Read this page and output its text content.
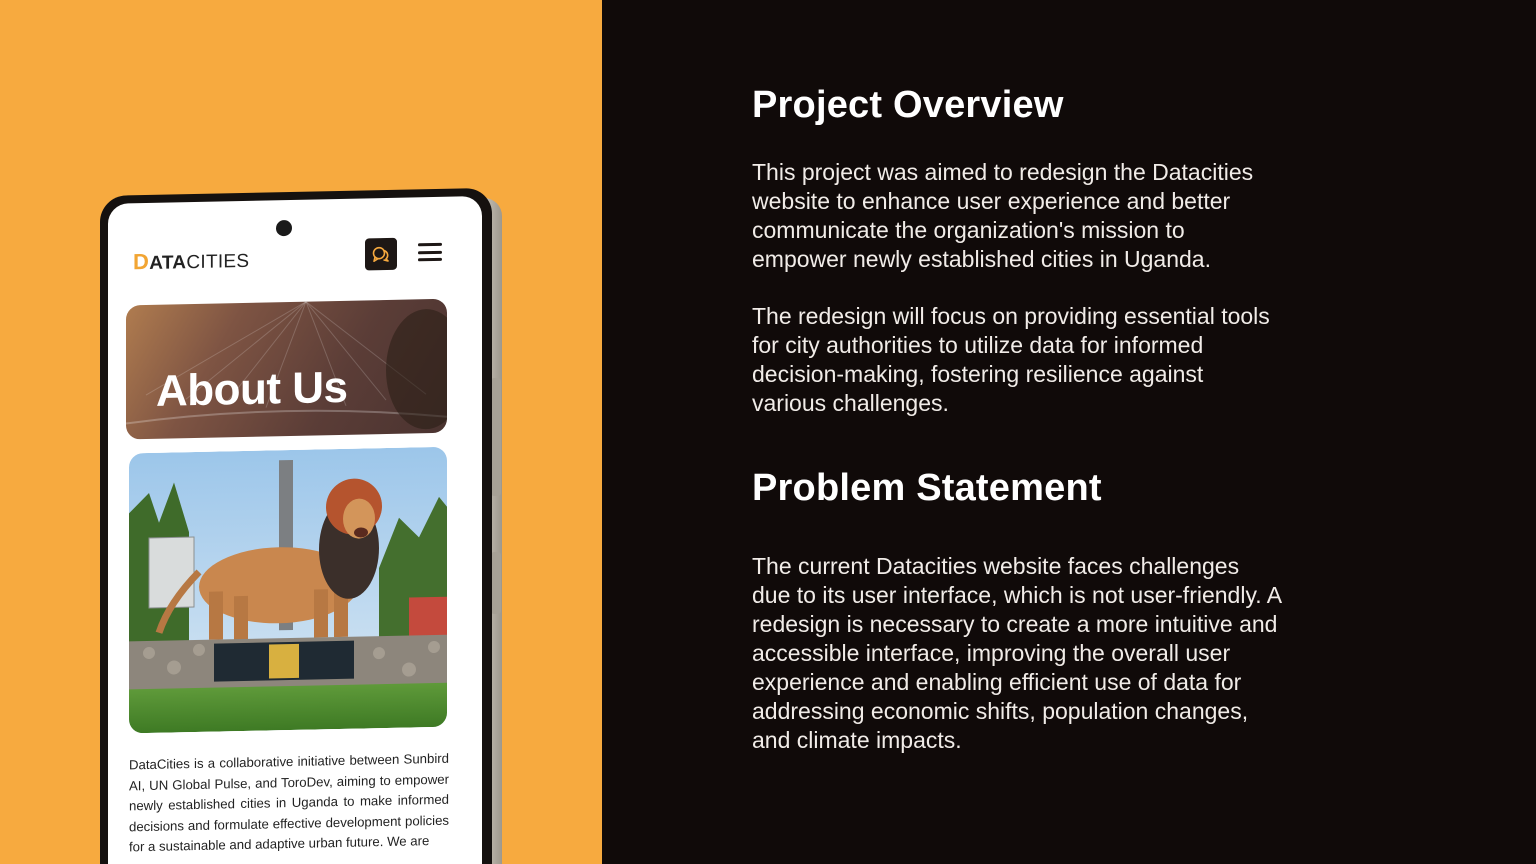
DATACITIES
About Us
DataCities is a collaborative initiative between Sunbird AI, UN Global Pulse, and ToroDev, aiming to empower newly established cities in Uganda to make informed decisions and formulate effective development policies for a sustainable and adaptive urban future. We are
Project Overview
This project was aimed to redesign the Datacities website to enhance user experience and better communicate the organization's mission to empower newly established cities in Uganda.
The redesign will focus on providing essential tools for city authorities to utilize data for informed decision-making, fostering resilience against various challenges.
Problem Statement
The current Datacities website faces challenges due to its user interface, which is not user-friendly. A redesign is necessary to create a more intuitive and accessible interface, improving the overall user experience and enabling efficient use of data for addressing economic shifts, population changes, and climate impacts.
